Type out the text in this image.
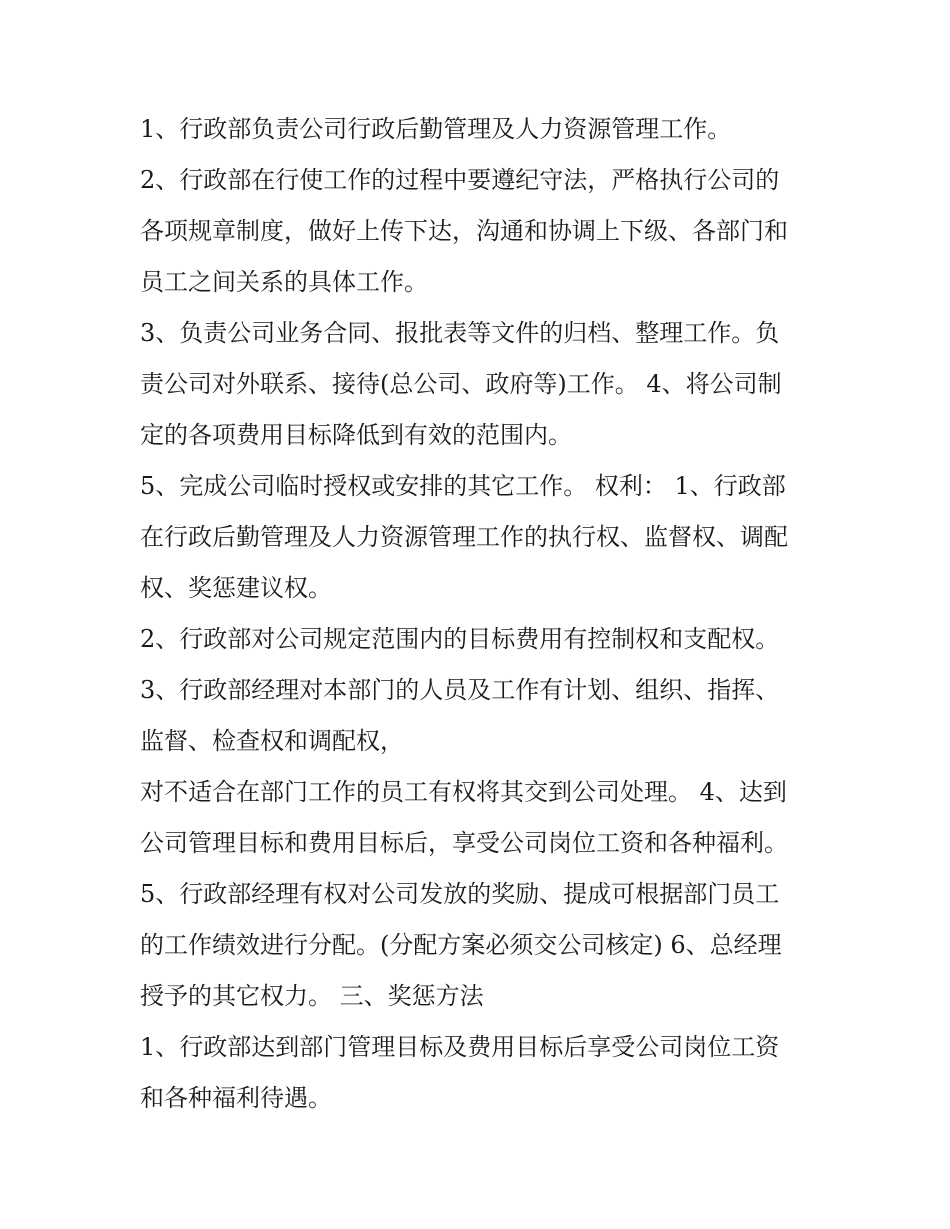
1、行政部负责公司行政后勤管理及人力资源管理工作。
2、行政部在行使工作的过程中要遵纪守法，严格执行公司的
各项规章制度，做好上传下达，沟通和协调上下级、各部门和
员工之间关系的具体工作。
3、负责公司业务合同、报批表等文件的归档、整理工作。负
责公司对外联系、接待(总公司、政府等)工作。 4、将公司制
定的各项费用目标降低到有效的范围内。
5、完成公司临时授权或安排的其它工作。 权利： 1、行政部
在行政后勤管理及人力资源管理工作的执行权、监督权、调配
权、奖惩建议权。
2、行政部对公司规定范围内的目标费用有控制权和支配权。
3、行政部经理对本部门的人员及工作有计划、组织、指挥、
监督、检查权和调配权，
对不适合在部门工作的员工有权将其交到公司处理。 4、达到
公司管理目标和费用目标后，享受公司岗位工资和各种福利。
5、行政部经理有权对公司发放的奖励、提成可根据部门员工
的工作绩效进行分配。(分配方案必须交公司核定) 6、总经理
授予的其它权力。 三、奖惩方法
1、行政部达到部门管理目标及费用目标后享受公司岗位工资
和各种福利待遇。
